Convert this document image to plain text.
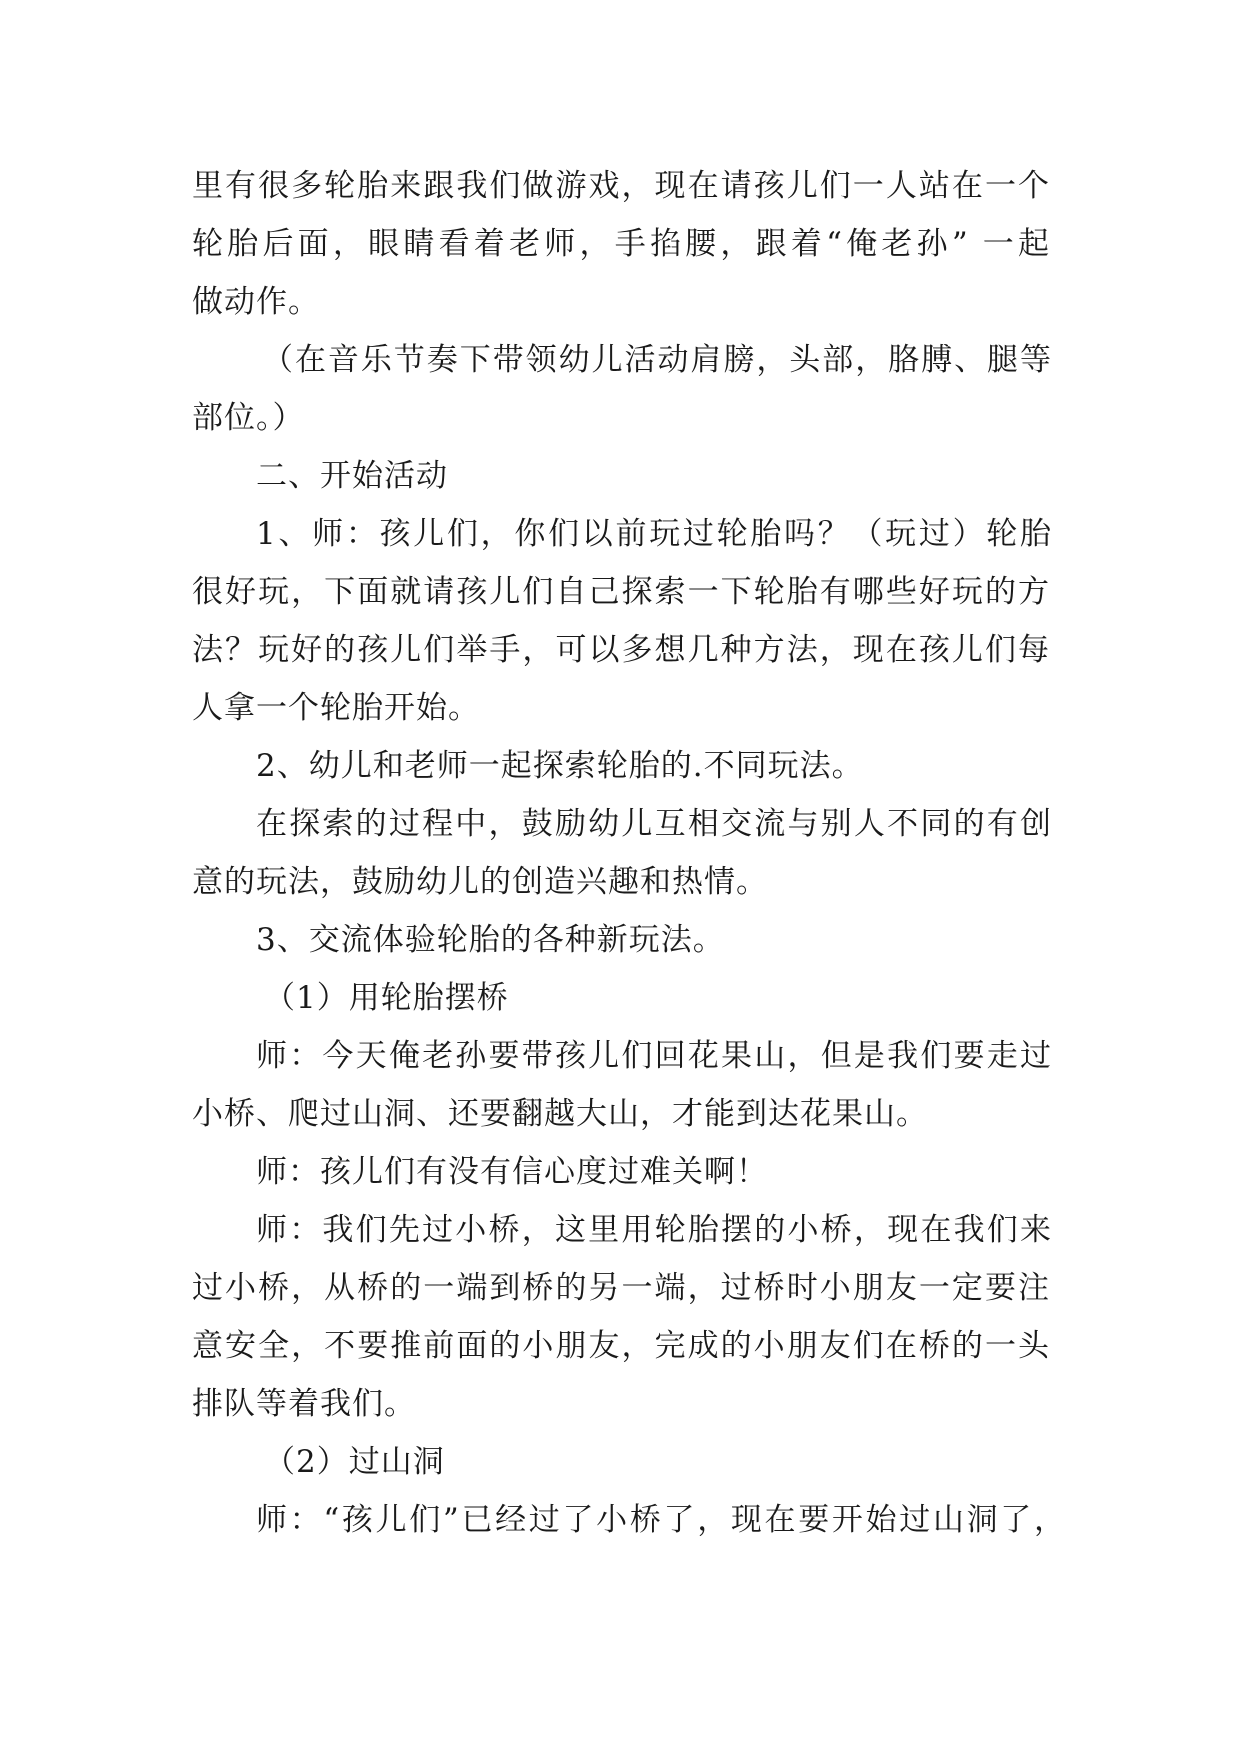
里有很多轮胎来跟我们做游戏，现在请孩儿们一人站在一个
轮胎后面，眼睛看着老师，手掐腰，跟着“俺老孙” 一起
做动作。
（在音乐节奏下带领幼儿活动肩膀，头部，胳膊、腿等
部位。）
二、开始活动
1、师：孩儿们，你们以前玩过轮胎吗？（玩过）轮胎
很好玩，下面就请孩儿们自己探索一下轮胎有哪些好玩的方
法？玩好的孩儿们举手，可以多想几种方法，现在孩儿们每
人拿一个轮胎开始。
2、幼儿和老师一起探索轮胎的.不同玩法。
在探索的过程中，鼓励幼儿互相交流与别人不同的有创
意的玩法，鼓励幼儿的创造兴趣和热情。
3、交流体验轮胎的各种新玩法。
（1）用轮胎摆桥
师：今天俺老孙要带孩儿们回花果山，但是我们要走过
小桥、爬过山洞、还要翻越大山，才能到达花果山。
师：孩儿们有没有信心度过难关啊！
师：我们先过小桥，这里用轮胎摆的小桥，现在我们来
过小桥，从桥的一端到桥的另一端，过桥时小朋友一定要注
意安全，不要推前面的小朋友，完成的小朋友们在桥的一头
排队等着我们。
（2）过山洞
师：“孩儿们”已经过了小桥了，现在要开始过山洞了，
